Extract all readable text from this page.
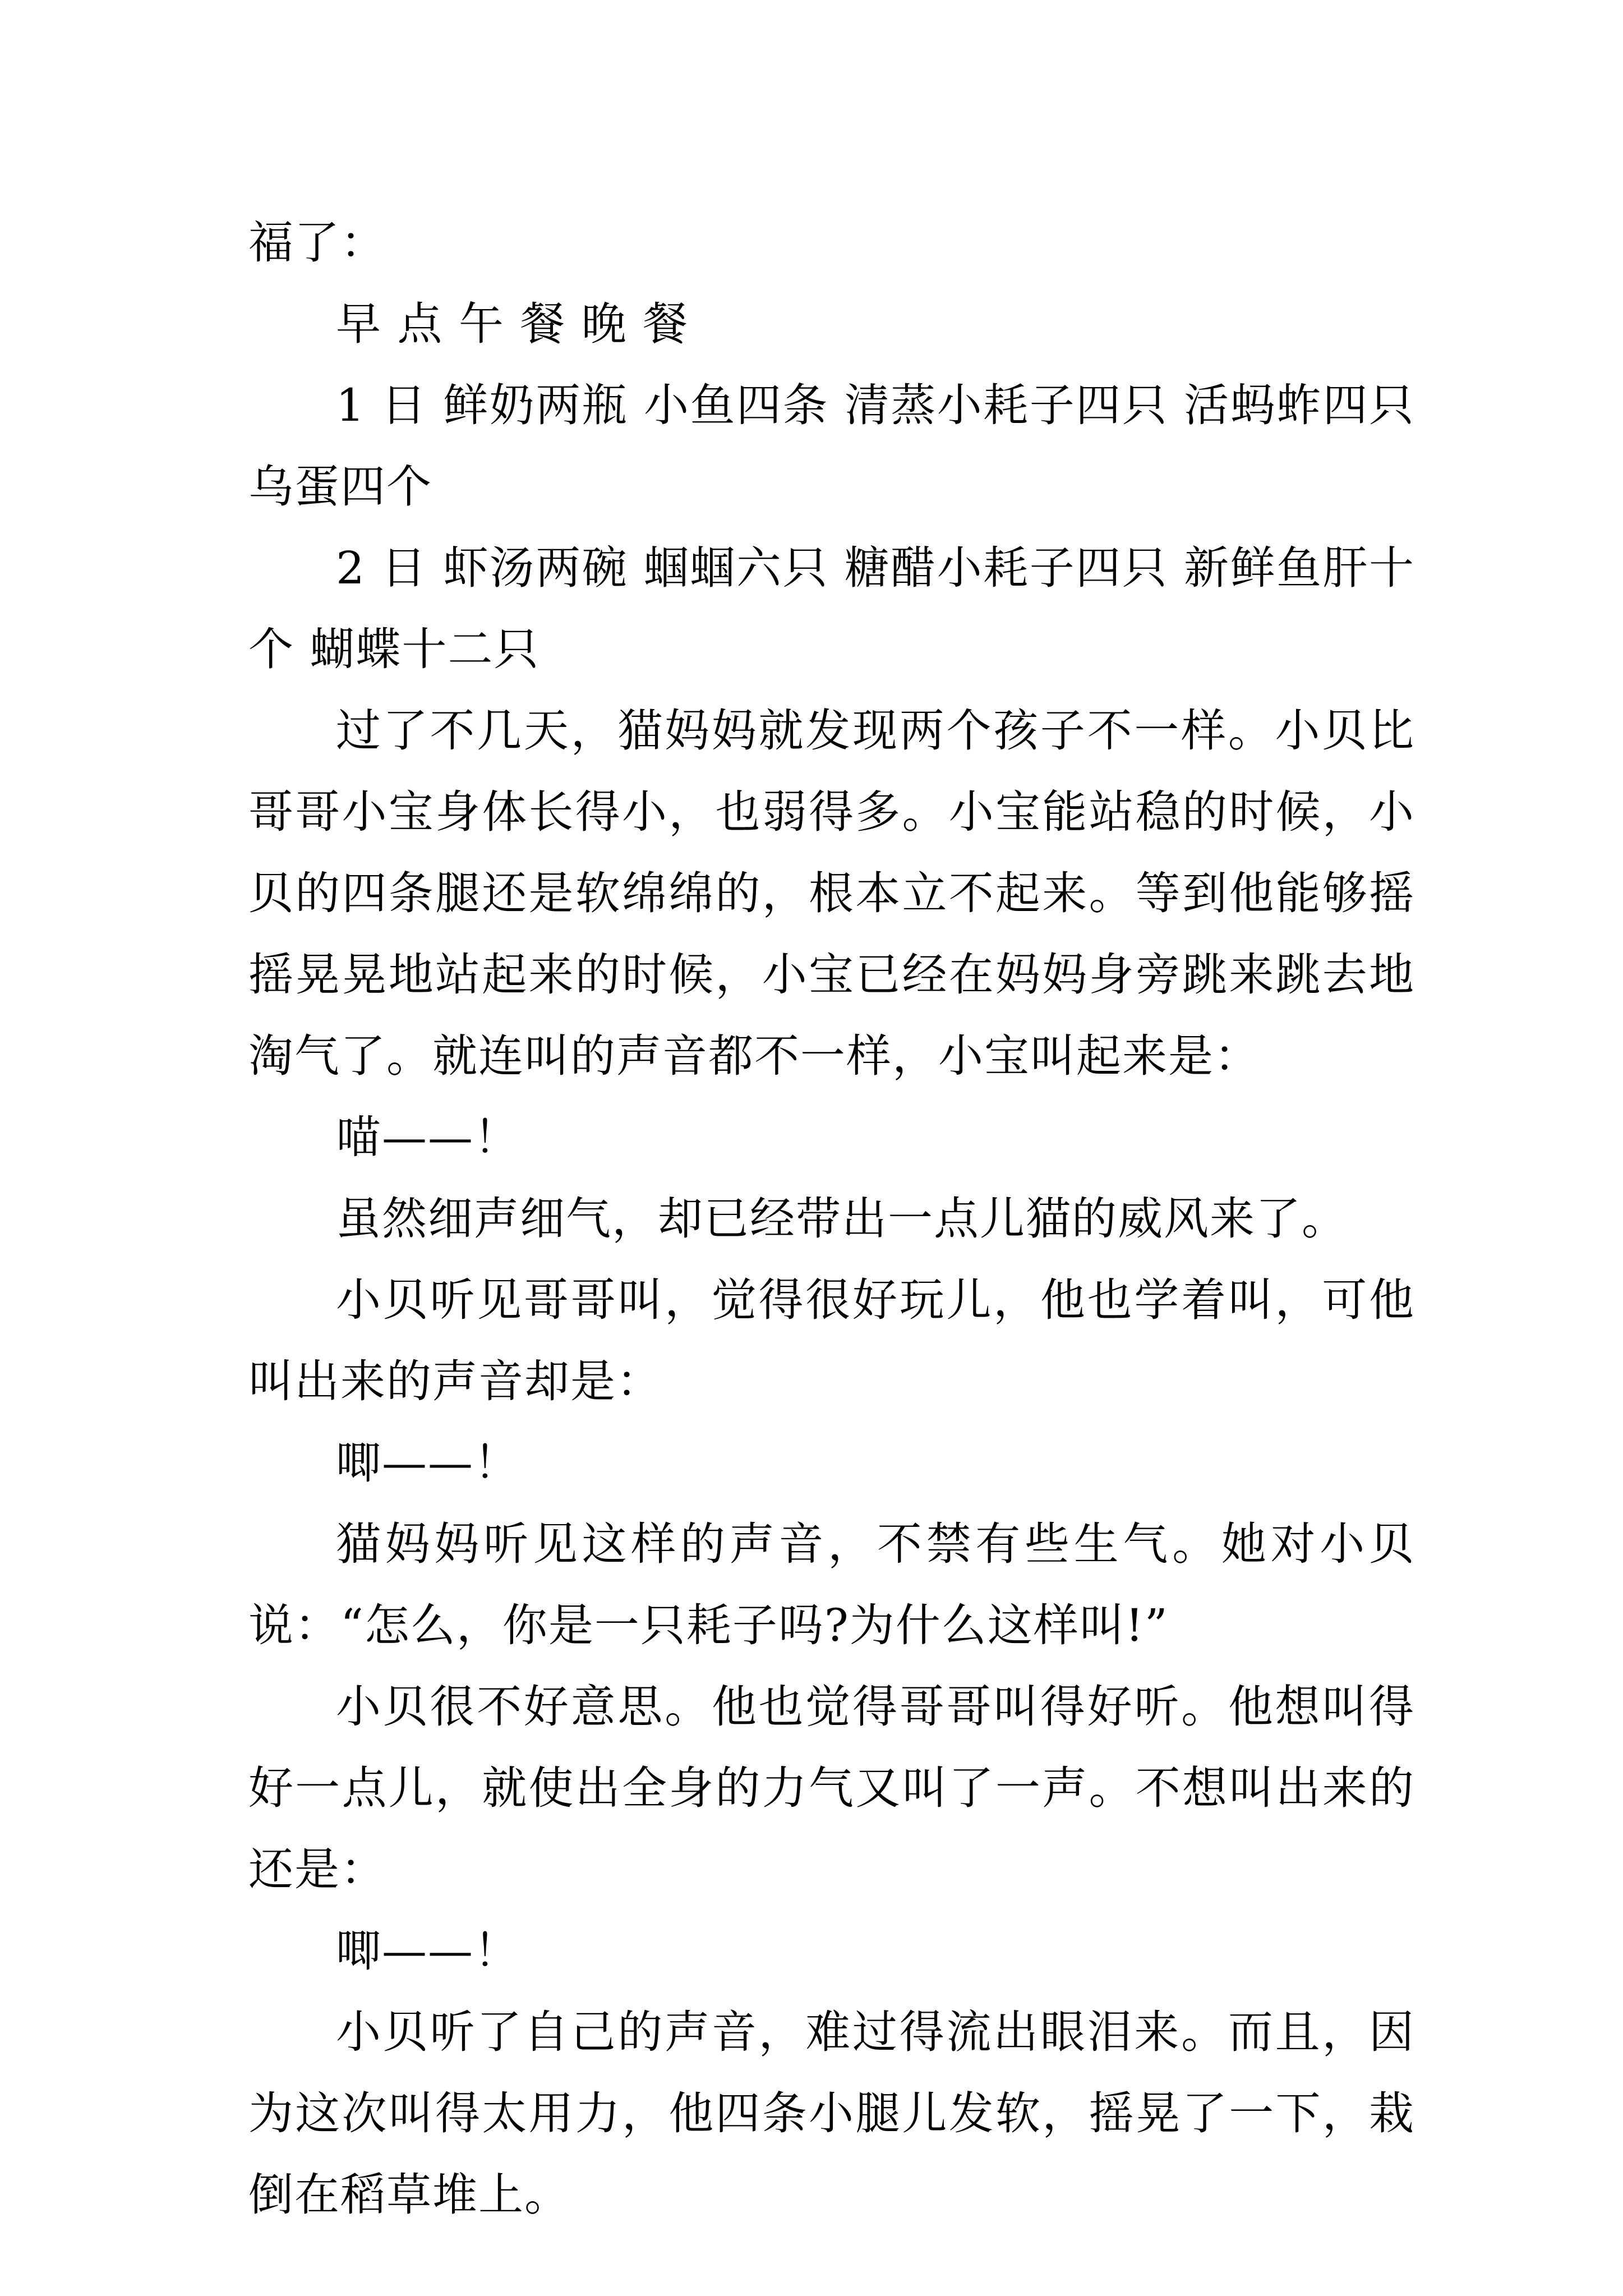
福了：

早 点 午 餐 晚 餐

1 日 鲜奶两瓶 小鱼四条 清蒸小耗子四只 活蚂蚱四只 乌蛋四个

2 日 虾汤两碗 蝈蝈六只 糖醋小耗子四只 新鲜鱼肝十个 蝴蝶十二只

过了不几天，猫妈妈就发现两个孩子不一样。小贝比哥哥小宝身体长得小，也弱得多。小宝能站稳的时候，小贝的四条腿还是软绵绵的，根本立不起来。等到他能够摇摇晃晃地站起来的时候，小宝已经在妈妈身旁跳来跳去地淘气了。就连叫的声音都不一样，小宝叫起来是：

喵——！

虽然细声细气，却已经带出一点儿猫的威风来了。

小贝听见哥哥叫，觉得很好玩儿，他也学着叫，可他叫出来的声音却是：

唧——！

猫妈妈听见这样的声音，不禁有些生气。她对小贝说：“怎么，你是一只耗子吗?为什么这样叫!”

小贝很不好意思。他也觉得哥哥叫得好听。他想叫得好一点儿，就使出全身的力气又叫了一声。不想叫出来的还是：

唧——！

小贝听了自己的声音，难过得流出眼泪来。而且，因为这次叫得太用力，他四条小腿儿发软，摇晃了一下，栽倒在稻草堆上。
